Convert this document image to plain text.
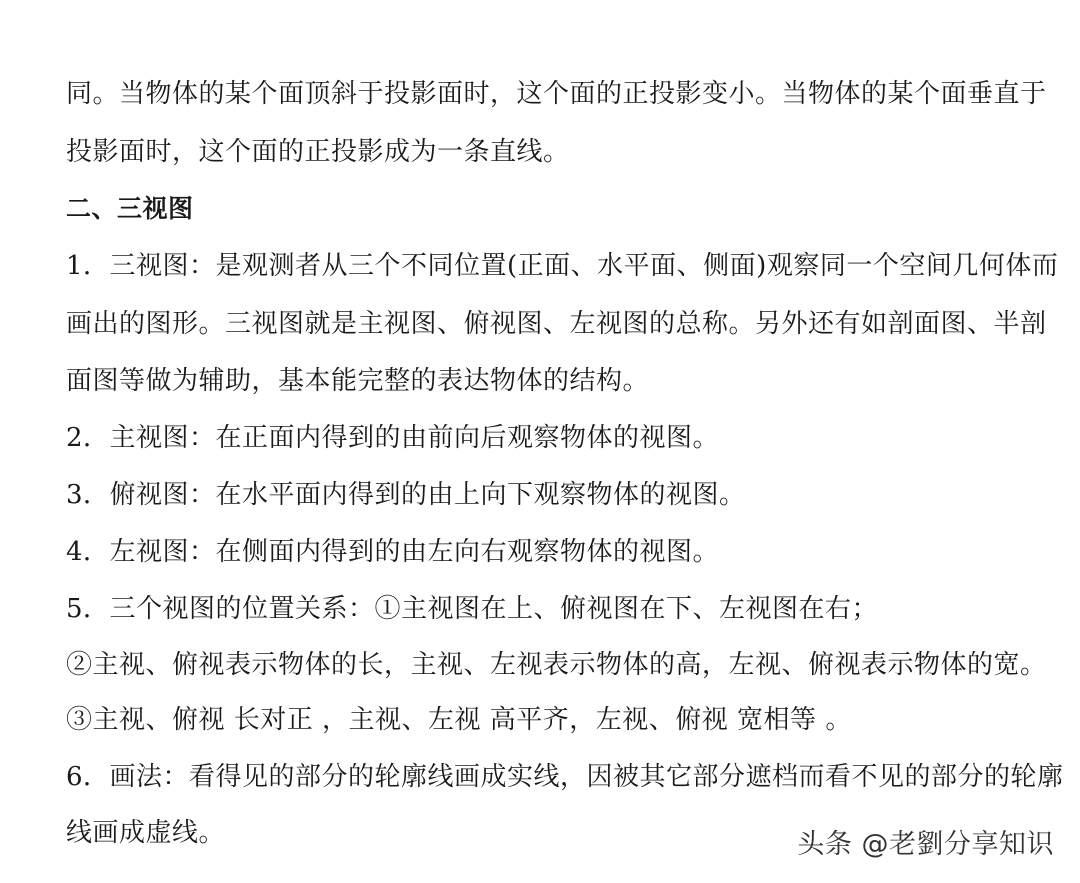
同。当物体的某个面顶斜于投影面时，这个面的正投影变小。当物体的某个面垂直于
投影面时，这个面的正投影成为一条直线。
二、三视图
1．三视图：是观测者从三个不同位置(正面、水平面、侧面)观察同一个空间几何体而
画出的图形。三视图就是主视图、俯视图、左视图的总称。另外还有如剖面图、半剖
面图等做为辅助，基本能完整的表达物体的结构。
2．主视图：在正面内得到的由前向后观察物体的视图。
3．俯视图：在水平面内得到的由上向下观察物体的视图。
4．左视图：在侧面内得到的由左向右观察物体的视图。
5．三个视图的位置关系：①主视图在上、俯视图在下、左视图在右；
②主视、俯视表示物体的长，主视、左视表示物体的高，左视、俯视表示物体的宽。
③主视、俯视 长对正 ，主视、左视 高平齐，左视、俯视 宽相等 。
6．画法：看得见的部分的轮廓线画成实线，因被其它部分遮档而看不见的部分的轮廓
线画成虚线。	头条 @老劉分享知识
